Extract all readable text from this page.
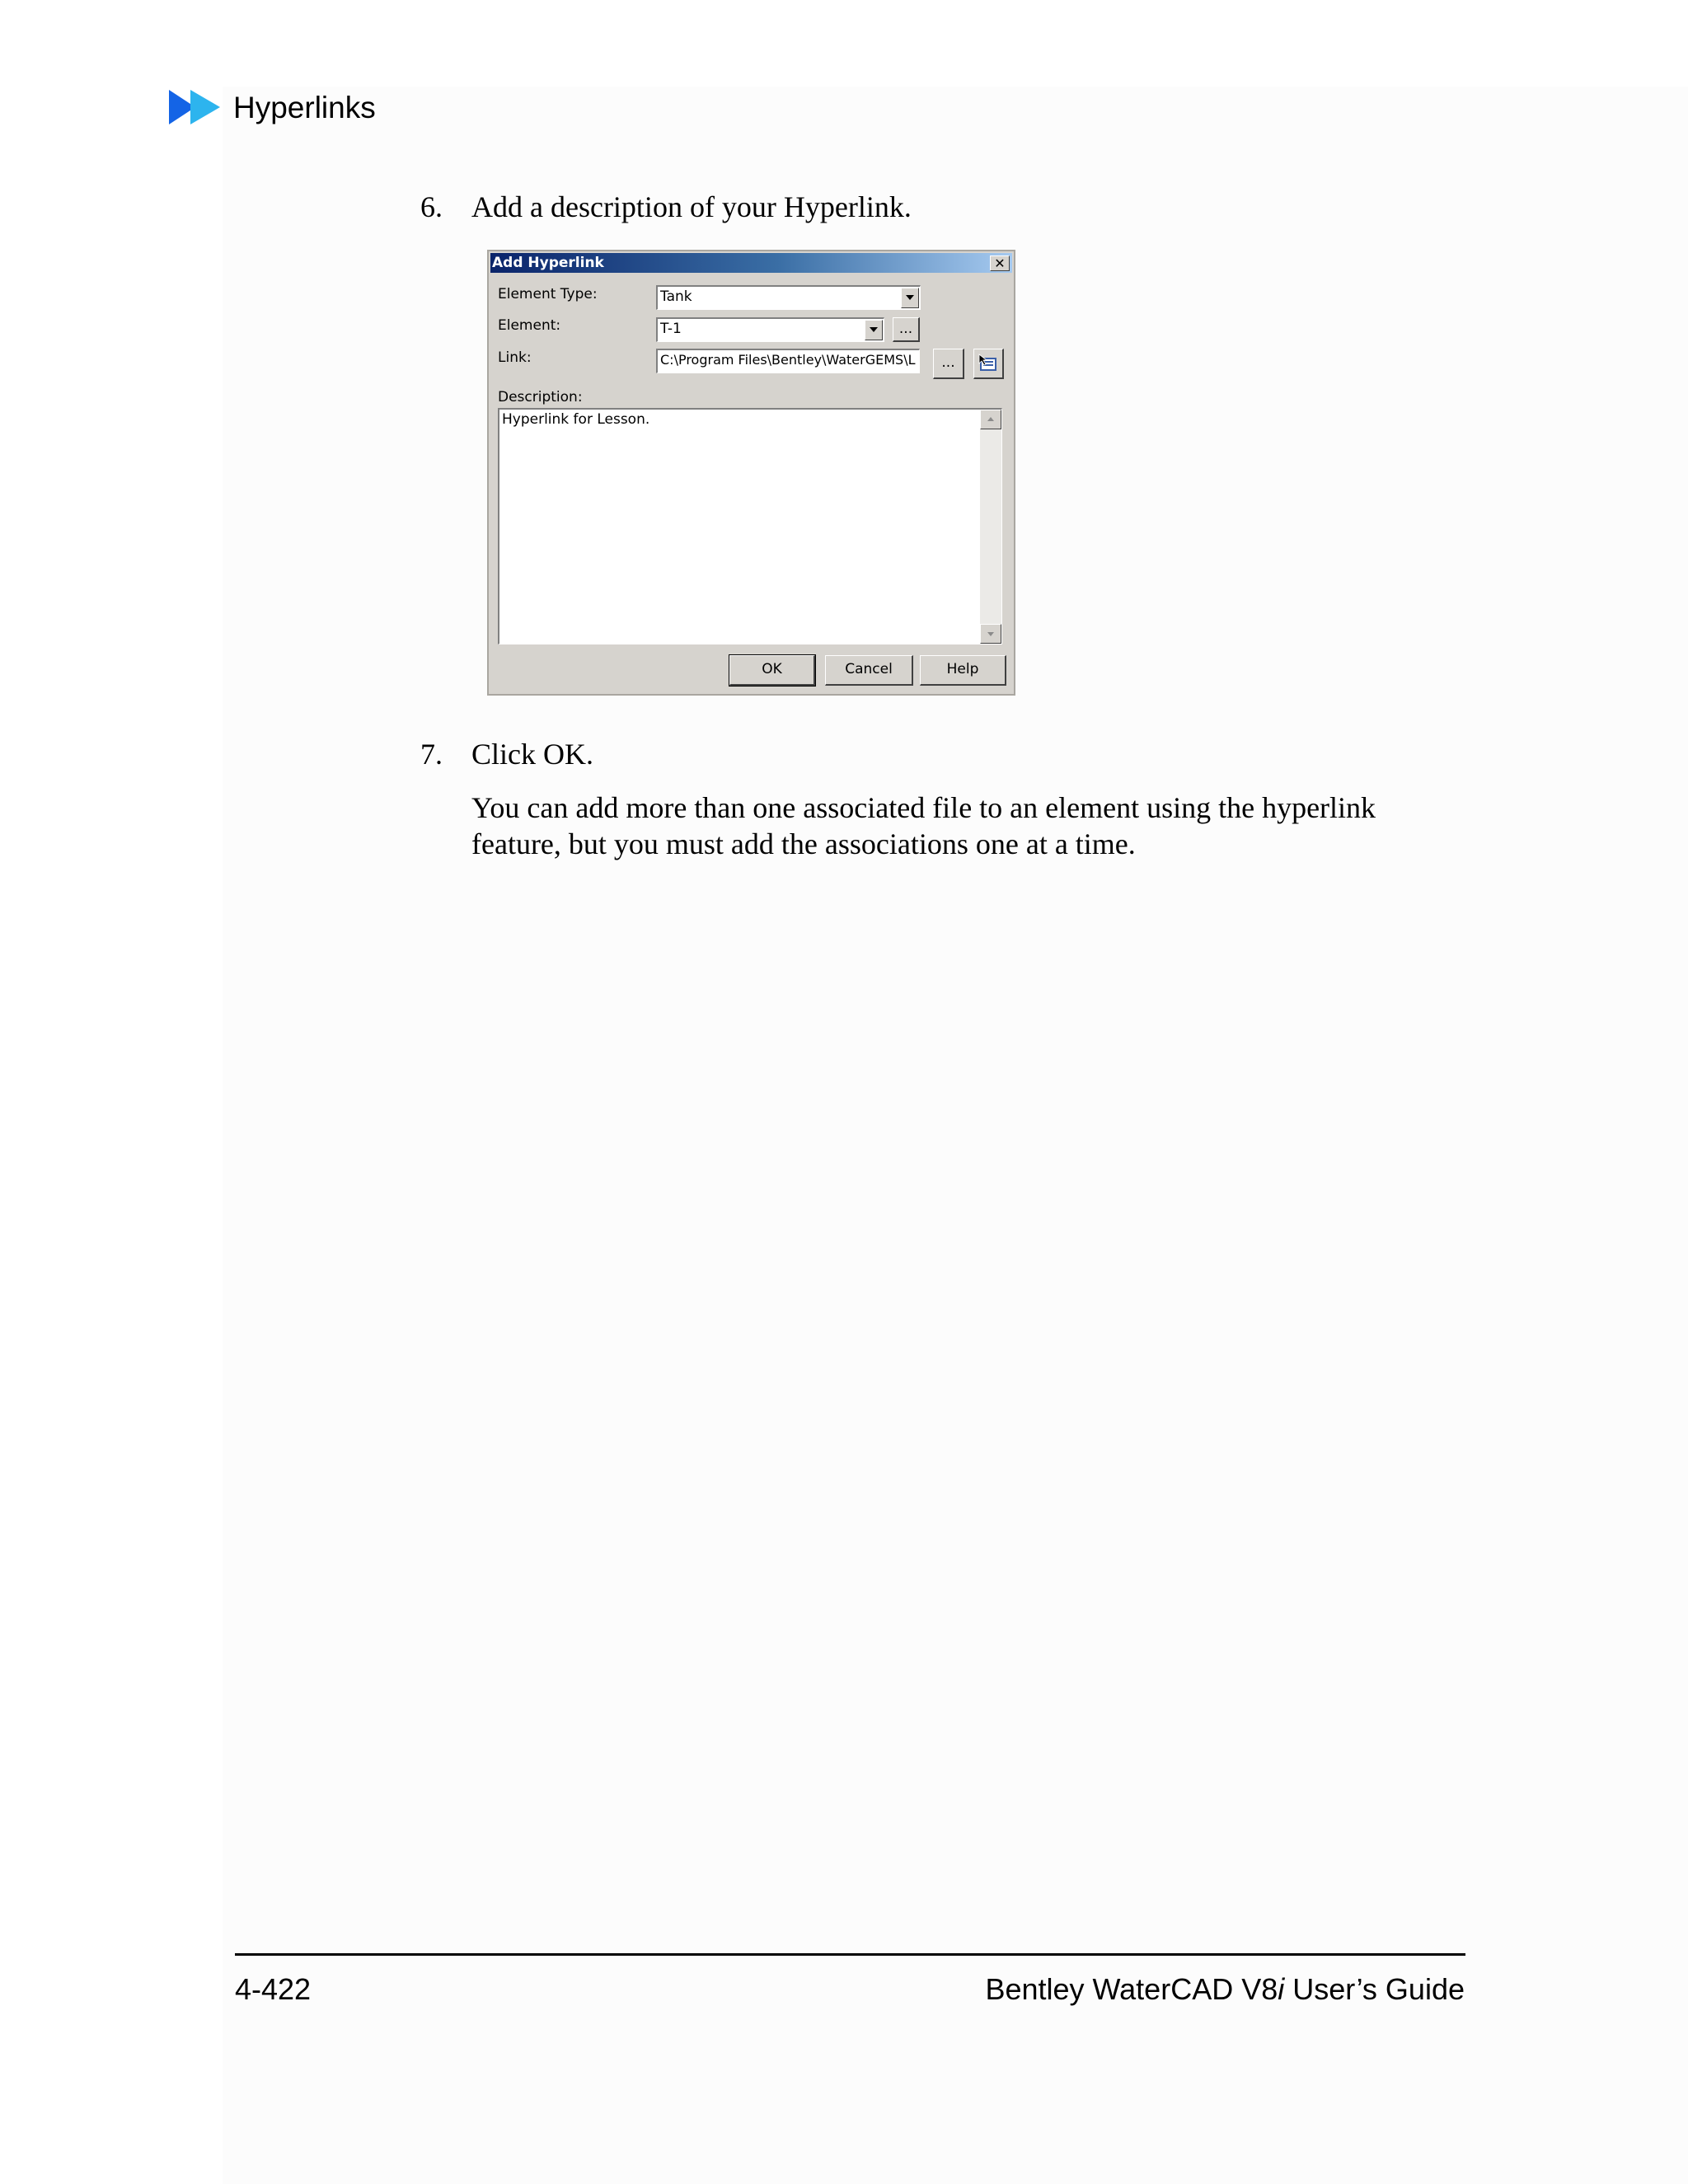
Hyperlinks
6. Add a description of your Hyperlink.
Add Hyperlink	✕
Element Type:	Tank
Element:	T-1	...
Link:	C:\Program Files\Bentley\WaterGEMS\L	...
Description:
Hyperlink for Lesson.
OK	Cancel	Help
7. Click OK.
You can add more than one associated file to an element using the hyperlink feature, but you must add the associations one at a time.
4-422	Bentley WaterCAD V8i User’s Guide
